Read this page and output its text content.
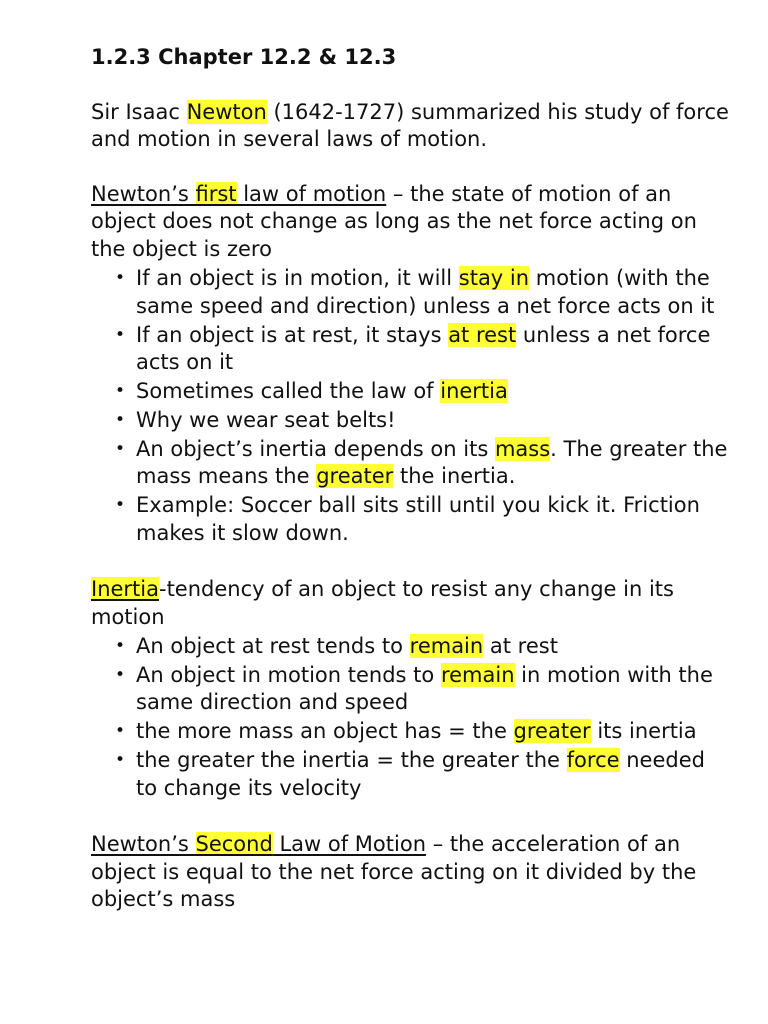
1.2.3 Chapter 12.2 & 12.3

Sir Isaac Newton (1642-1727) summarized his study of force and motion in several laws of motion.

Newton’s first law of motion – the state of motion of an object does not change as long as the net force acting on the object is zero

• If an object is in motion, it will stay in motion (with the same speed and direction) unless a net force acts on it
• If an object is at rest, it stays at rest unless a net force acts on it
• Sometimes called the law of inertia
• Why we wear seat belts!
• An object’s inertia depends on its mass. The greater the mass means the greater the inertia.
• Example: Soccer ball sits still until you kick it. Friction makes it slow down.

Inertia-tendency of an object to resist any change in its motion

• An object at rest tends to remain at rest
• An object in motion tends to remain in motion with the same direction and speed
• the more mass an object has = the greater its inertia
• the greater the inertia = the greater the force needed to change its velocity

Newton’s Second Law of Motion – the acceleration of an object is equal to the net force acting on it divided by the object’s mass
